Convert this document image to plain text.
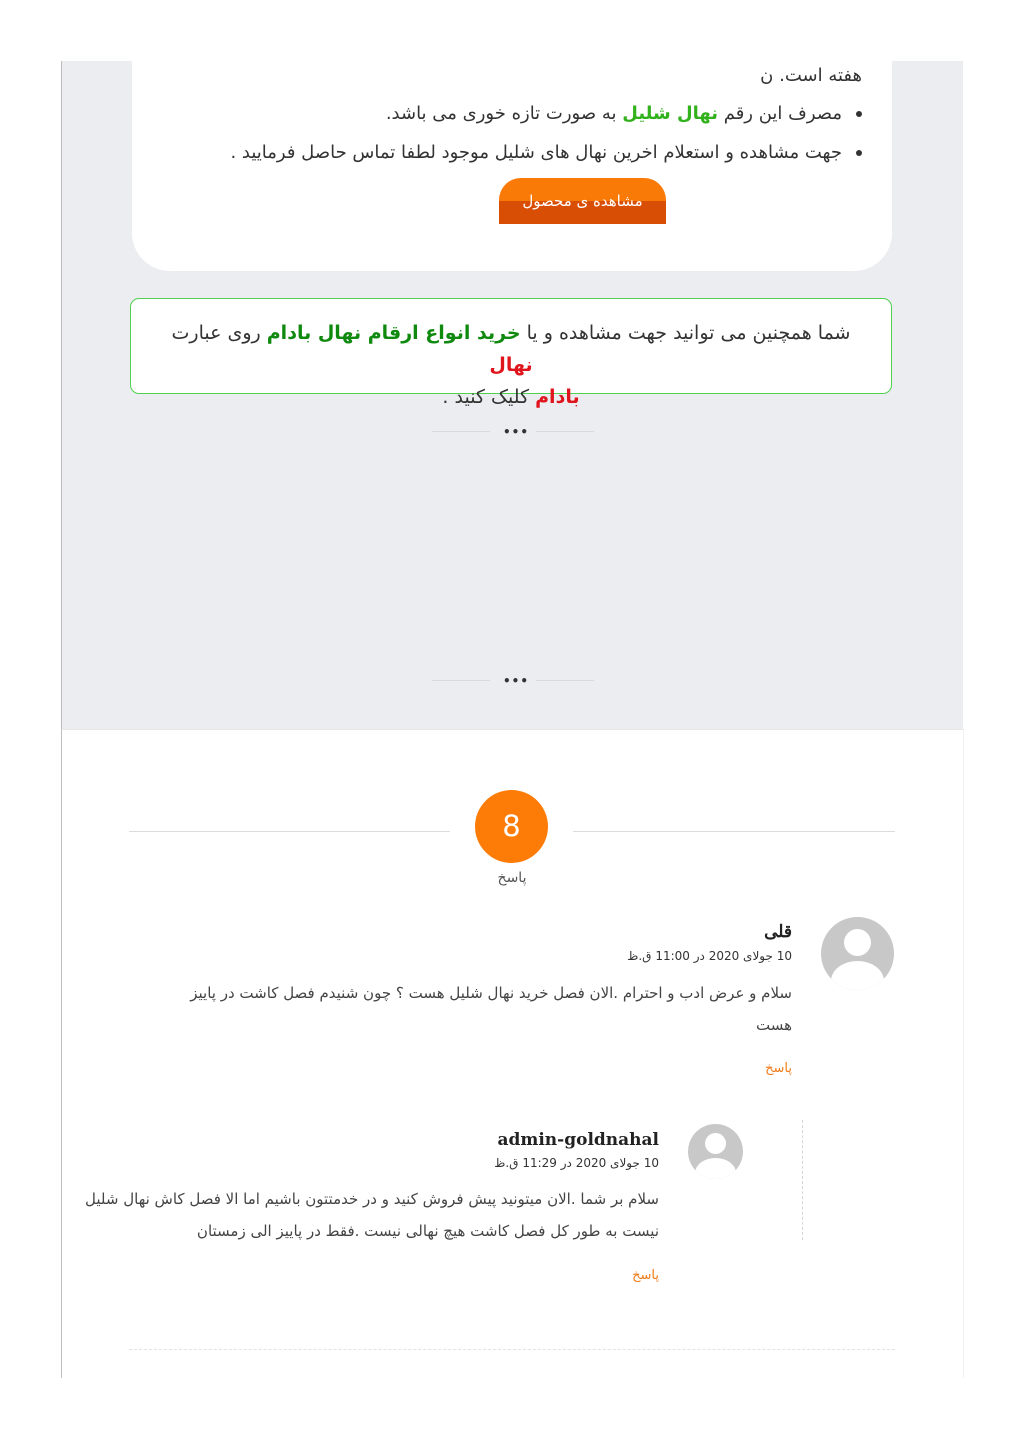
هفته است. ن
مصرف این رقم نهال شلیل به صورت تازه خوری می باشد.
جهت مشاهده و استعلام اخرین نهال های شلیل موجود لطفا تماس حاصل فرمایید .
مشاهده ی محصول
شما همچنین می توانید جهت مشاهده و یا خرید انواع ارقام نهال بادام روی عبارت نهال
بادام کلیک کنید .
•••
•••
8
پاسخ
قلی
10 جولای 2020 در 11:00 ق.ظ
سلام و عرض ادب و احترام .الان فصل خرید نهال شلیل هست ؟ چون شنیدم فصل کاشت در پاییز هست
پاسخ
admin-goldnahal
10 جولای 2020 در 11:29 ق.ظ
سلام بر شما .الان میتونید پیش فروش کنید و در خدمتتون باشیم اما الا فصل کاش نهال شلیل
نیست به طور کل فصل کاشت هیچ نهالی نیست .فقط در پاییز الی زمستان
پاسخ
